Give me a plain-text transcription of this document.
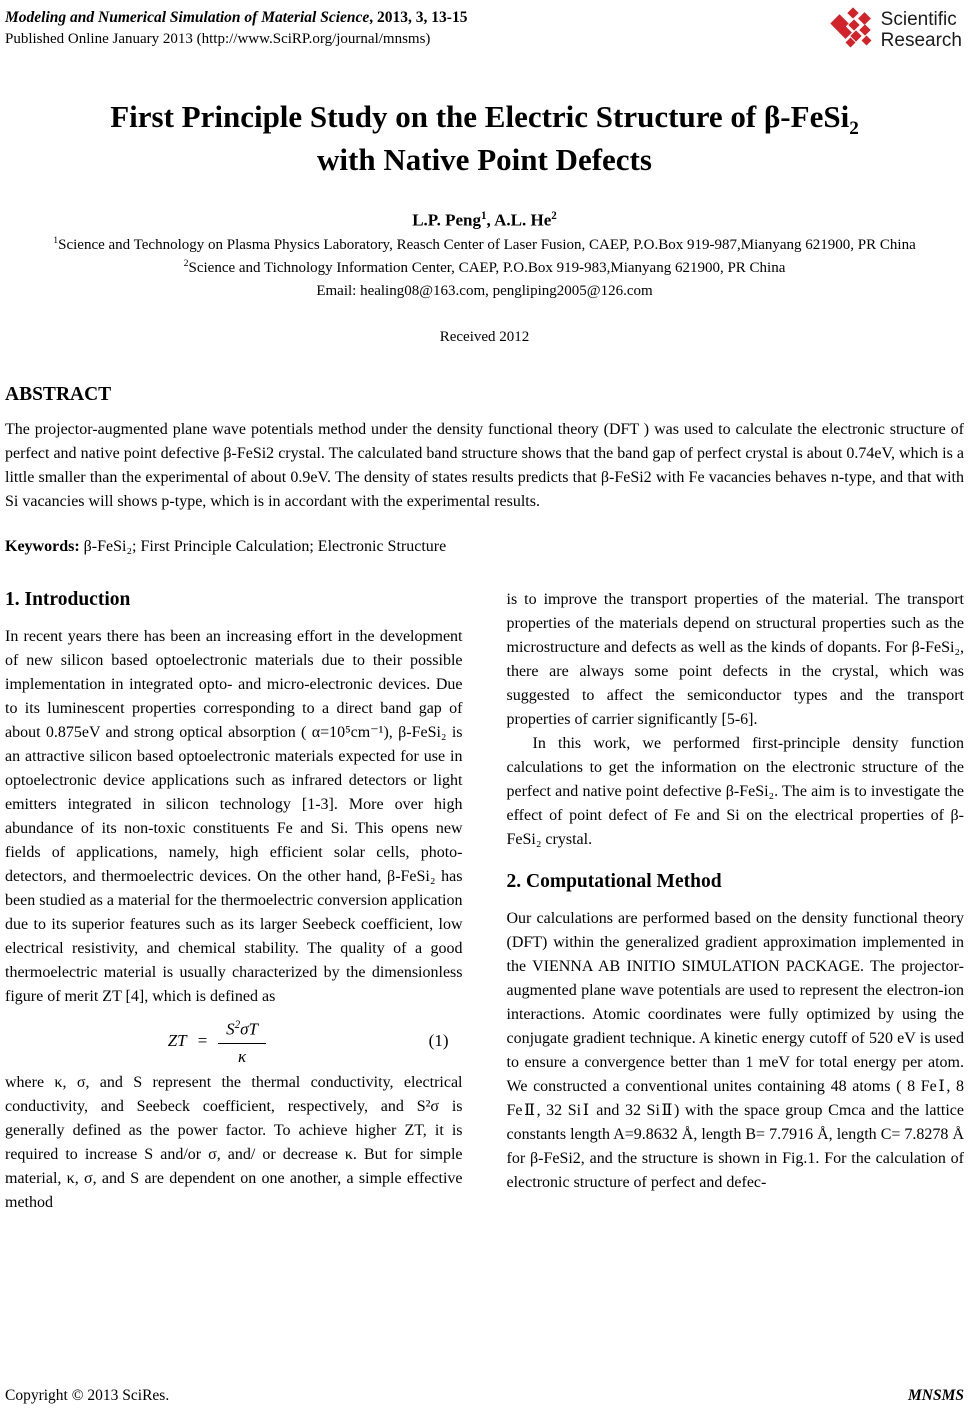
Modeling and Numerical Simulation of Material Science, 2013, 3, 13-15
Published Online January 2013 (http://www.SciRP.org/journal/mnsms)
Scientific
Research
First Principle Study on the Electric Structure of β-FeSi$_2$
with Native Point Defects
L.P. Peng$^1$, A.L. He$^2$
$^1$Science and Technology on Plasma Physics Laboratory, Reasch Center of Laser Fusion, CAEP, P.O.Box 919-987,Mianyang 621900, PR China
$^2$Science and Tichnology Information Center, CAEP, P.O.Box 919-983,Mianyang 621900, PR China
Email: healing08@163.com, pengliping2005@126.com
Received 2012
ABSTRACT

The projector-augmented plane wave potentials method under the density functional theory (DFT ) was used to calculate the electronic structure of perfect and native point defective β-FeSi2 crystal. The calculated band structure shows that the band gap of perfect crystal is about 0.74eV, which is a little smaller than the experimental of about 0.9eV. The density of states results predicts that β-FeSi2 with Fe vacancies behaves n-type, and that with Si vacancies will shows p-type, which is in accordant with the experimental results.

Keywords: β-FeSi₂; First Principle Calculation; Electronic Structure
1. Introduction

In recent years there has been an increasing effort in the development of new silicon based optoelectronic materials due to their possible implementation in integrated opto- and micro-electronic devices. Due to its luminescent properties corresponding to a direct band gap of about 0.875eV and strong optical absorption ( α=10⁵cm⁻¹), β-FeSi₂ is an attractive silicon based optoelectronic materials expected for use in optoelectronic device applications such as infrared detectors or light emitters integrated in silicon technology [1-3]. More over high abundance of its non-toxic constituents Fe and Si. This opens new fields of applications, namely, high efficient solar cells, photo-detectors, and thermoelectric devices. On the other hand, β-FeSi₂ has been studied as a material for the thermoelectric conversion application due to its superior features such as its larger Seebeck coefficient, low electrical resistivity, and chemical stability. The quality of a good thermoelectric material is usually characterized by the dimensionless figure of merit ZT [4], which is defined as

ZT = $\frac{S^2\sigma T}{\kappa}$	(1)

where κ, σ, and S represent the thermal conductivity, electrical conductivity, and Seebeck coefficient, respectively, and S²σ is generally defined as the power factor. To achieve higher ZT, it is required to increase S and/or σ, and/ or decrease κ. But for simple material, κ, σ, and S are dependent on one another, a simple effective method

is to improve the transport properties of the material. The transport properties of the materials depend on structural properties such as the microstructure and defects as well as the kinds of dopants. For β-FeSi₂, there are always some point defects in the crystal, which was suggested to affect the semiconductor types and the transport properties of carrier significantly [5-6].

In this work, we performed first-principle density function calculations to get the information on the electronic structure of the perfect and native point defective β-FeSi₂. The aim is to investigate the effect of point defect of Fe and Si on the electrical properties of β-FeSi₂ crystal.

2. Computational Method

Our calculations are performed based on the density functional theory (DFT) within the generalized gradient approximation implemented in the VIENNA AB INITIO SIMULATION PACKAGE. The projector-augmented plane wave potentials are used to represent the electron-ion interactions. Atomic coordinates were fully optimized by using the conjugate gradient technique. A kinetic energy cutoff of 520 eV is used to ensure a convergence better than 1 meV for total energy per atom. We constructed a conventional unites containing 48 atoms ( 8 FeⅠ, 8 FeⅡ, 32 SiⅠ and 32 SiⅡ) with the space group Cmca and the lattice constants length A=9.8632 Å, length B= 7.7916 Å, length C= 7.8278 Å for β-FeSi2, and the structure is shown in Fig.1. For the calculation of electronic structure of perfect and defec-

Copyright © 2013 SciRes.	MNSMS
